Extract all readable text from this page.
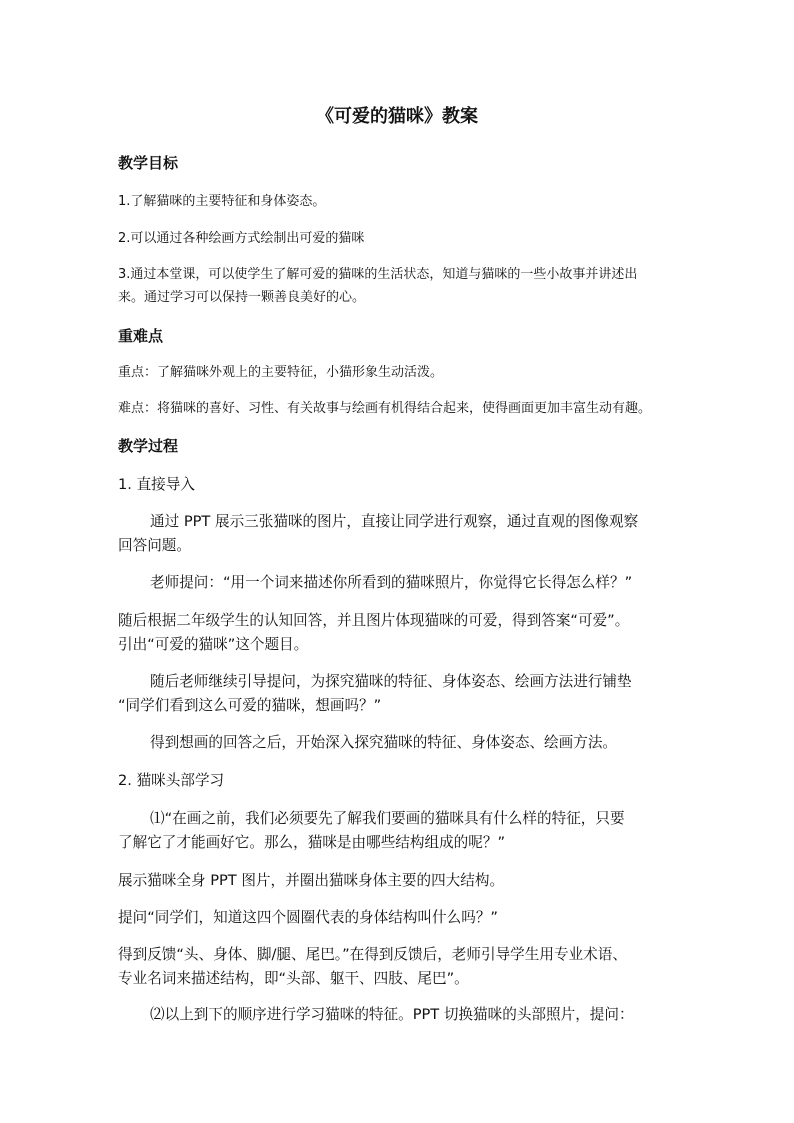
《可爱的猫咪》教案
教学目标

1.了解猫咪的主要特征和身体姿态。

2.可以通过各种绘画方式绘制出可爱的猫咪

3.通过本堂课，可以使学生了解可爱的猫咪的生活状态，知道与猫咪的一些小故事并讲述出

来。通过学习可以保持一颗善良美好的心。

重难点

重点：了解猫咪外观上的主要特征，小猫形象生动活泼。

难点：将猫咪的喜好、习性、有关故事与绘画有机得结合起来，使得画面更加丰富生动有趣。

教学过程

1. 直接导入

通过 PPT 展示三张猫咪的图片，直接让同学进行观察，通过直观的图像观察

回答问题。

老师提问：“用一个词来描述你所看到的猫咪照片，你觉得它长得怎么样？”

随后根据二年级学生的认知回答，并且图片体现猫咪的可爱，得到答案“可爱”。

引出“可爱的猫咪”这个题目。

随后老师继续引导提问，为探究猫咪的特征、身体姿态、绘画方法进行铺垫

“同学们看到这么可爱的猫咪，想画吗？”

得到想画的回答之后，开始深入探究猫咪的特征、身体姿态、绘画方法。

2. 猫咪头部学习

⑴“在画之前，我们必须要先了解我们要画的猫咪具有什么样的特征，只要

了解它了才能画好它。那么，猫咪是由哪些结构组成的呢？”

展示猫咪全身 PPT 图片，并圈出猫咪身体主要的四大结构。

提问“同学们，知道这四个圆圈代表的身体结构叫什么吗？”

得到反馈“头、身体、脚/腿、尾巴。”在得到反馈后，老师引导学生用专业术语、

专业名词来描述结构，即“头部、躯干、四肢、尾巴”。

⑵以上到下的顺序进行学习猫咪的特征。PPT 切换猫咪的头部照片，提问：
